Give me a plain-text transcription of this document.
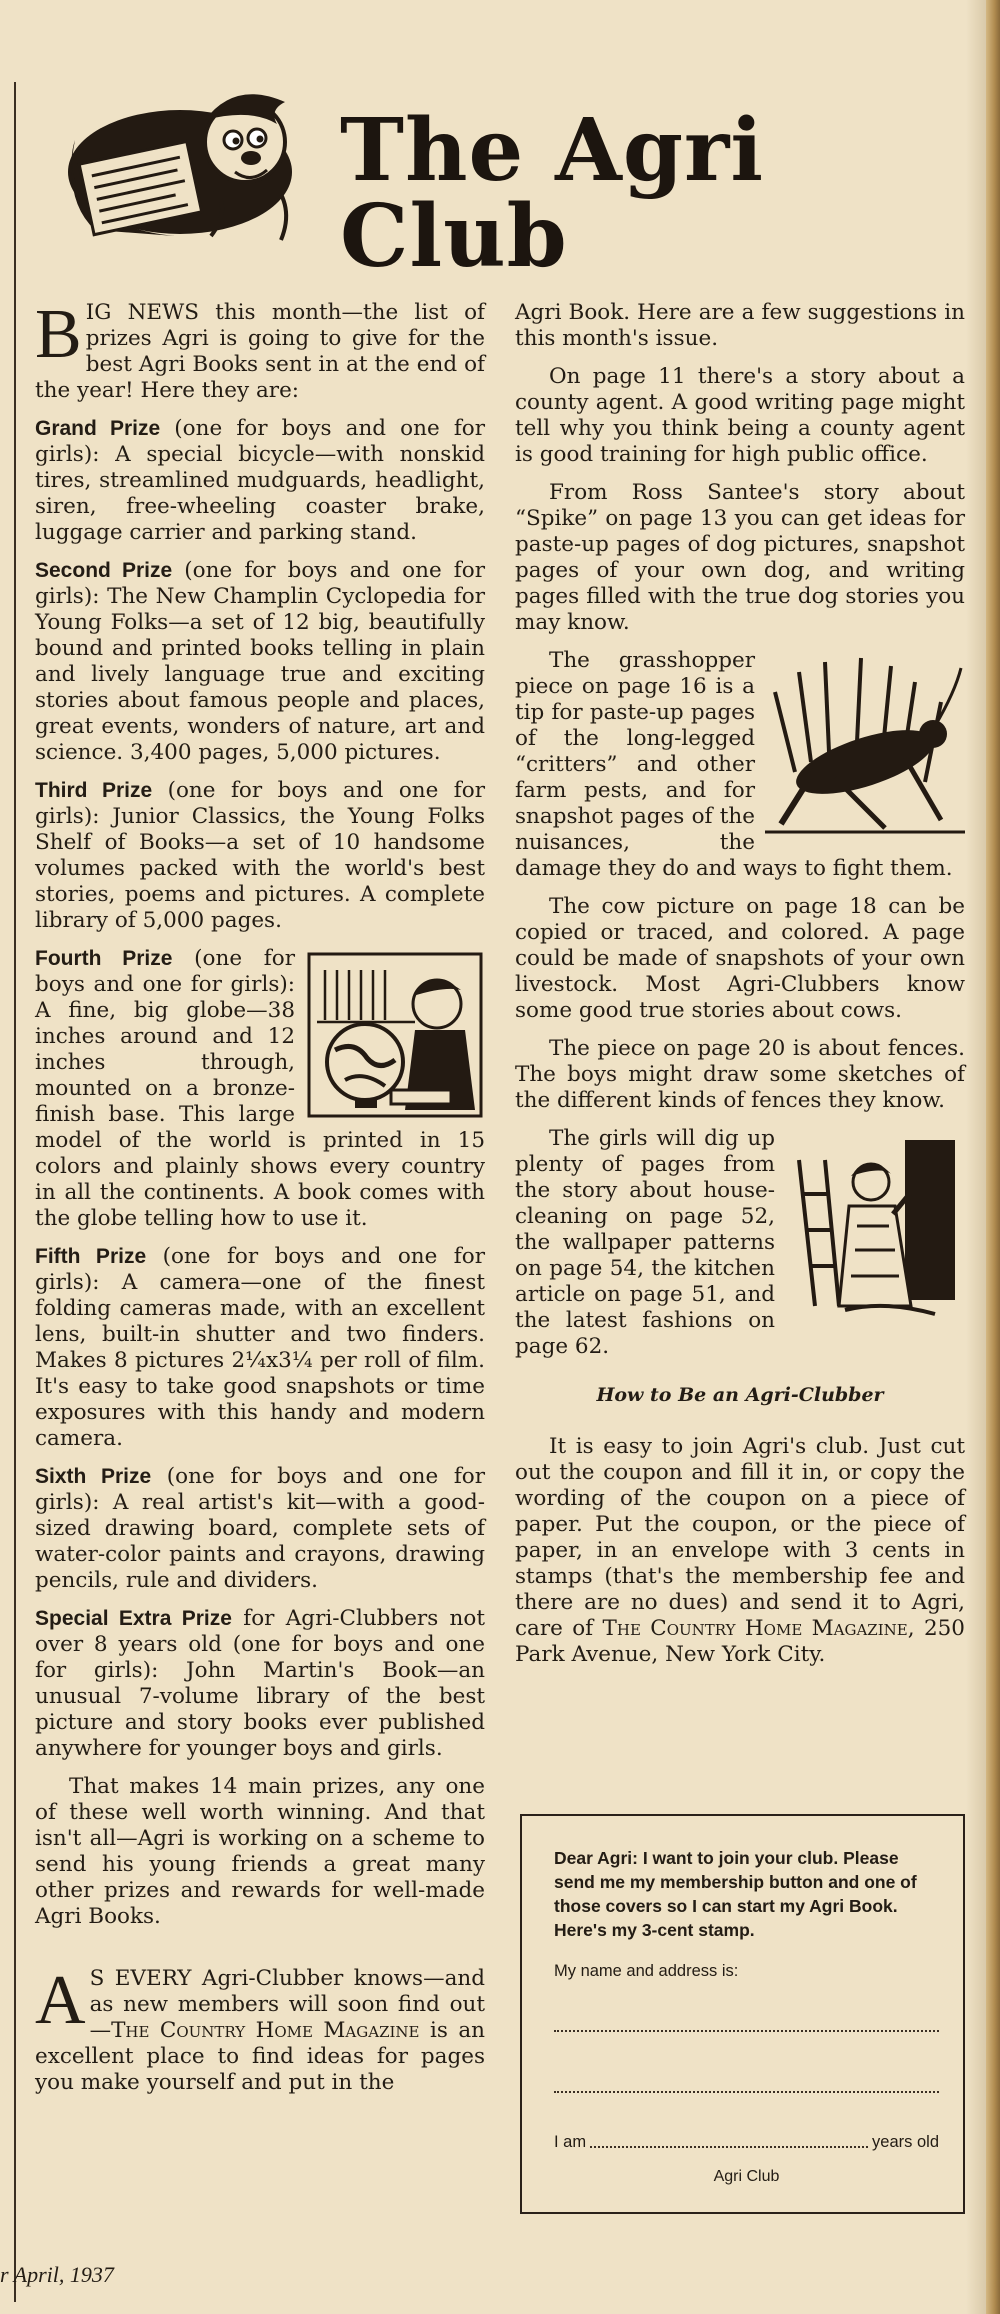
The Agri Club

BIG NEWS this month—the list of prizes Agri is going to give for the best Agri Books sent in at the end of the year! Here they are:

Grand Prize (one for boys and one for girls): A special bicycle—with nonskid tires, streamlined mudguards, headlight, siren, free-wheeling coaster brake, luggage carrier and parking stand.

Second Prize (one for boys and one for girls): The New Champlin Cyclopedia for Young Folks—a set of 12 big, beautifully bound and printed books telling in plain and lively language true and exciting stories about famous people and places, great events, wonders of nature, art and science. 3,400 pages, 5,000 pictures.

Third Prize (one for boys and one for girls): Junior Classics, the Young Folks Shelf of Books—a set of 10 handsome volumes packed with the world's best stories, poems and pictures. A complete library of 5,000 pages.

Fourth Prize (one for boys and one for girls): A fine, big globe—38 inches around and 12 inches through, mounted on a bronze-finish base. This large model of the world is printed in 15 colors and plainly shows every country in all the continents. A book comes with the globe telling how to use it.

Fifth Prize (one for boys and one for girls): A camera—one of the finest folding cameras made, with an excellent lens, built-in shutter and two finders. Makes 8 pictures 2¼x3¼ per roll of film. It's easy to take good snapshots or time exposures with this handy and modern camera.

Sixth Prize (one for boys and one for girls): A real artist's kit—with a good-sized drawing board, complete sets of water-color paints and crayons, drawing pencils, rule and dividers.

Special Extra Prize for Agri-Clubbers not over 8 years old (one for boys and one for girls): John Martin's Book—an unusual 7-volume library of the best picture and story books ever published anywhere for younger boys and girls.

That makes 14 main prizes, any one of these well worth winning. And that isn't all—Agri is working on a scheme to send his young friends a great many other prizes and rewards for well-made Agri Books.

A S EVERY Agri-Clubber knows—and as new members will soon find out—The Country Home Magazine is an excellent place to find ideas for pages you make yourself and put in the

Agri Book. Here are a few suggestions in this month's issue.

On page 11 there's a story about a county agent. A good writing page might tell why you think being a county agent is good training for high public office.

From Ross Santee's story about “Spike” on page 13 you can get ideas for paste-up pages of dog pictures, snapshot pages of your own dog, and writing pages filled with the true dog stories you may know.

The grasshopper piece on page 16 is a tip for paste-up pages of the long-legged “critters” and other farm pests, and for snapshot pages of the nuisances, the damage they do and ways to fight them.

The cow picture on page 18 can be copied or traced, and colored. A page could be made of snapshots of your own livestock. Most Agri-Clubbers know some good true stories about cows.

The piece on page 20 is about fences. The boys might draw some sketches of the different kinds of fences they know.

The girls will dig up plenty of pages from the story about house-cleaning on page 52, the wallpaper patterns on page 54, the kitchen article on page 51, and the latest fashions on page 62.

How to Be an Agri-Clubber

It is easy to join Agri's club. Just cut out the coupon and fill it in, or copy the wording of the coupon on a piece of paper. Put the coupon, or the piece of paper, in an envelope with 3 cents in stamps (that's the membership fee and there are no dues) and send it to Agri, care of The Country Home Magazine, 250 Park Avenue, New York City.

Dear Agri: I want to join your club. Please send me my membership button and one of those covers so I can start my Agri Book. Here's my 3-cent stamp.

My name and address is:

I am	years old
Agri Club
r April, 1937
